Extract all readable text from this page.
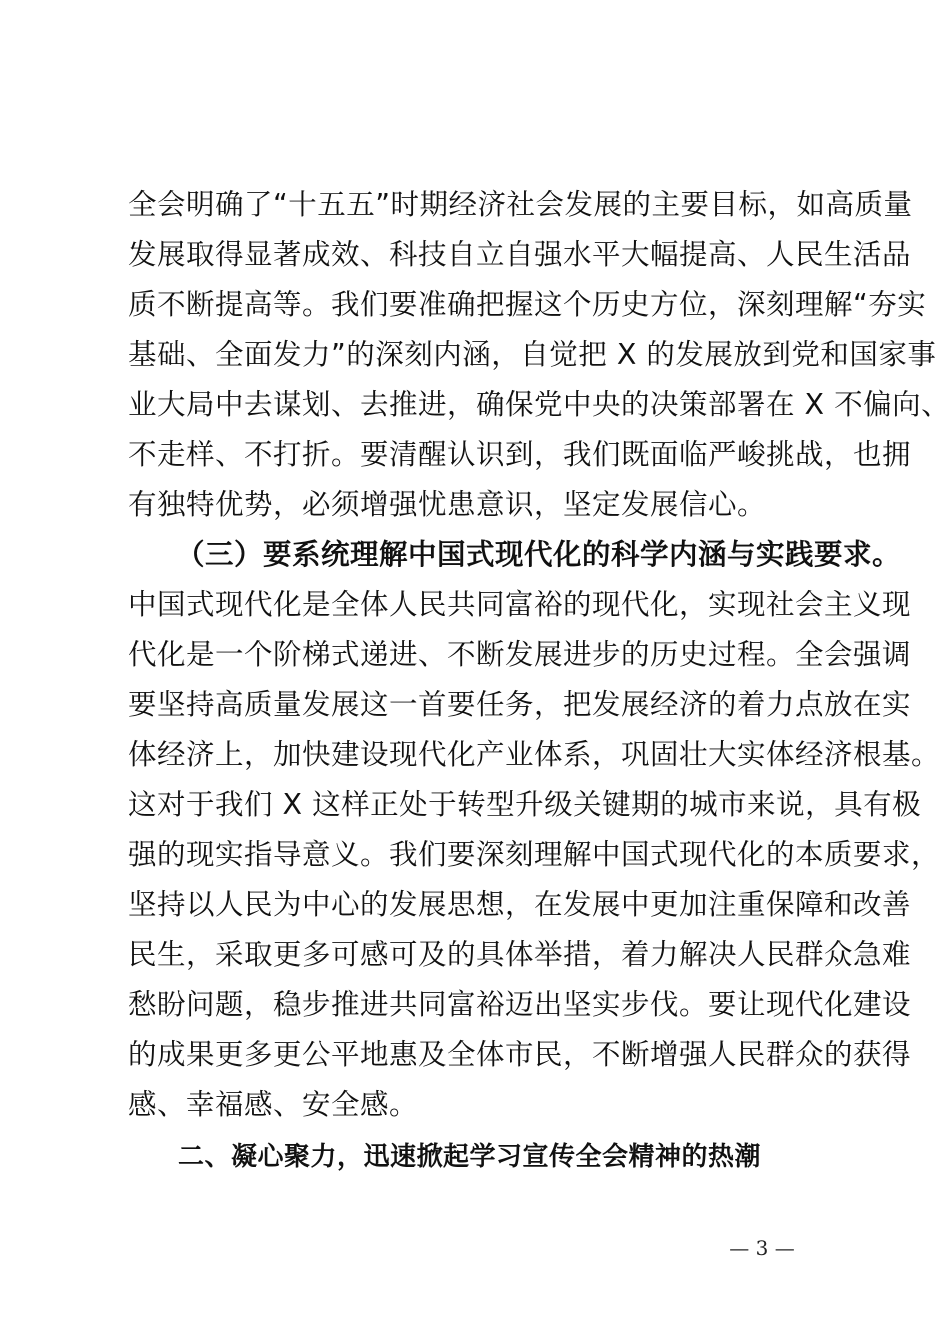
全会明确了“十五五”时期经济社会发展的主要目标，如高质量
发展取得显著成效、科技自立自强水平大幅提高、人民生活品
质不断提高等。我们要准确把握这个历史方位，深刻理解“夯实
基础、全面发力”的深刻内涵，自觉把 X 的发展放到党和国家事
业大局中去谋划、去推进，确保党中央的决策部署在 X 不偏向、
不走样、不打折。要清醒认识到，我们既面临严峻挑战，也拥
有独特优势，必须增强忧患意识，坚定发展信心。
（三）要系统理解中国式现代化的科学内涵与实践要求。
中国式现代化是全体人民共同富裕的现代化，实现社会主义现
代化是一个阶梯式递进、不断发展进步的历史过程。全会强调
要坚持高质量发展这一首要任务，把发展经济的着力点放在实
体经济上，加快建设现代化产业体系，巩固壮大实体经济根基。
这对于我们 X 这样正处于转型升级关键期的城市来说，具有极
强的现实指导意义。我们要深刻理解中国式现代化的本质要求，
坚持以人民为中心的发展思想，在发展中更加注重保障和改善
民生，采取更多可感可及的具体举措，着力解决人民群众急难
愁盼问题，稳步推进共同富裕迈出坚实步伐。要让现代化建设
的成果更多更公平地惠及全体市民，不断增强人民群众的获得
感、幸福感、安全感。
二、凝心聚力，迅速掀起学习宣传全会精神的热潮
— 3 —
